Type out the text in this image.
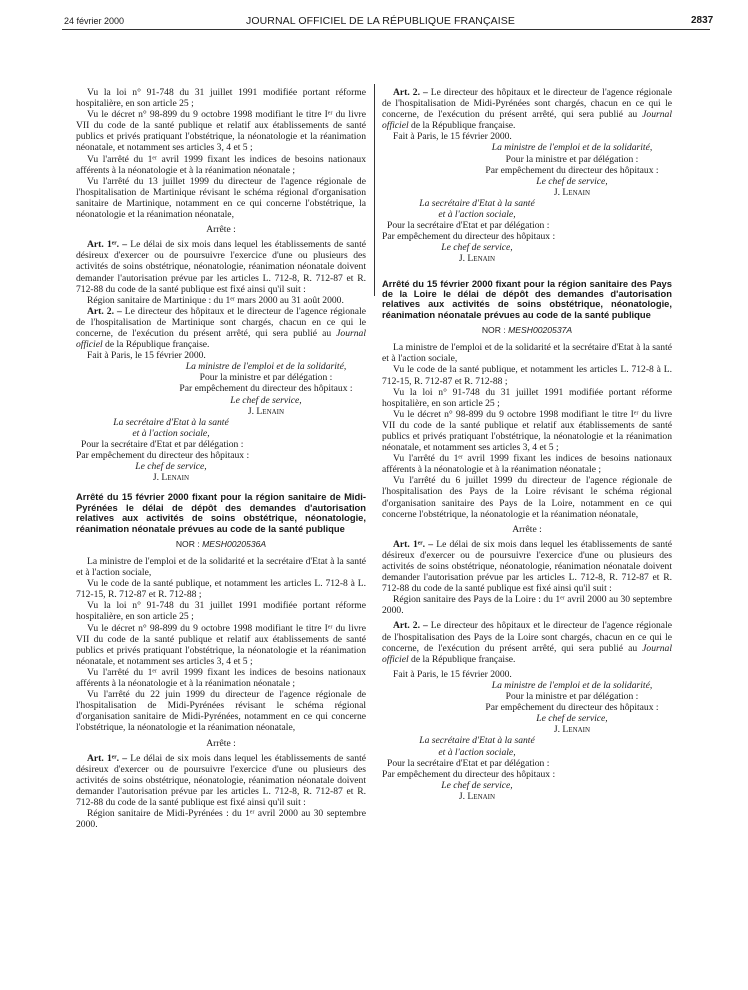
24 février 2000	JOURNAL OFFICIEL DE LA RÉPUBLIQUE FRANÇAISE	2837

Vu la loi n° 91-748 du 31 juillet 1991 modifiée portant réforme hospitalière, en son article 25 ;

Vu le décret n° 98-899 du 9 octobre 1998 modifiant le titre Iᵉʳ du livre VII du code de la santé publique et relatif aux établissements de santé publics et privés pratiquant l'obstétrique, la néonatologie et la réanimation néonatale, et notamment ses articles 3, 4 et 5 ;

Vu l'arrêté du 1ᵉʳ avril 1999 fixant les indices de besoins nationaux afférents à la néonatologie et à la réanimation néonatale ;

Vu l'arrêté du 13 juillet 1999 du directeur de l'agence régionale de l'hospitalisation de Martinique révisant le schéma régional d'organisation sanitaire de Martinique, notamment en ce qui concerne l'obstétrique, la néonatologie et la réanimation néonatale,

Arrête :

Art. 1ᵉʳ. – Le délai de six mois dans lequel les établissements de santé désireux d'exercer ou de poursuivre l'exercice d'une ou plusieurs des activités de soins obstétrique, néonatologie, réanimation néonatale doivent demander l'autorisation prévue par les articles L. 712-8, R. 712-87 et R. 712-88 du code de la santé publique est fixé ainsi qu'il suit :

Région sanitaire de Martinique : du 1ᵉʳ mars 2000 au 31 août 2000.

Art. 2. – Le directeur des hôpitaux et le directeur de l'agence régionale de l'hospitalisation de Martinique sont chargés, chacun en ce qui le concerne, de l'exécution du présent arrêté, qui sera publié au Journal officiel de la République française.

Fait à Paris, le 15 février 2000.

La ministre de l'emploi et de la solidarité,

Pour la ministre et par délégation :

Par empêchement du directeur des hôpitaux :

Le chef de service,

J. Lenain

La secrétaire d'Etat à la santé

et à l'action sociale,

Pour la secrétaire d'Etat et par délégation :

Par empêchement du directeur des hôpitaux :

Le chef de service,

J. Lenain

Arrêté du 15 février 2000 fixant pour la région sanitaire de Midi-Pyrénées le délai de dépôt des demandes d'autorisation relatives aux activités de soins obstétrique, néonatologie, réanimation néonatale prévues au code de la santé publique

NOR : MESH0020536A

La ministre de l'emploi et de la solidarité et la secrétaire d'Etat à la santé et à l'action sociale,

Vu le code de la santé publique, et notamment les articles L. 712-8 à L. 712-15, R. 712-87 et R. 712-88 ;

Vu la loi n° 91-748 du 31 juillet 1991 modifiée portant réforme hospitalière, en son article 25 ;

Vu le décret n° 98-899 du 9 octobre 1998 modifiant le titre Iᵉʳ du livre VII du code de la santé publique et relatif aux établissements de santé publics et privés pratiquant l'obstétrique, la néonatologie et la réanimation néonatale, et notamment ses articles 3, 4 et 5 ;

Vu l'arrêté du 1ᵉʳ avril 1999 fixant les indices de besoins nationaux afférents à la néonatologie et à la réanimation néonatale ;

Vu l'arrêté du 22 juin 1999 du directeur de l'agence régionale de l'hospitalisation de Midi-Pyrénées révisant le schéma régional d'organisation sanitaire de Midi-Pyrénées, notamment en ce qui concerne l'obstétrique, la néonatologie et la réanimation néonatale,

Arrête :

Art. 1ᵉʳ. – Le délai de six mois dans lequel les établissements de santé désireux d'exercer ou de poursuivre l'exercice d'une ou plusieurs des activités de soins obstétrique, néonatologie, réanimation néonatale doivent demander l'autorisation prévue par les articles L. 712-8, R. 712-87 et R. 712-88 du code de la santé publique est fixé ainsi qu'il suit :

Région sanitaire de Midi-Pyrénées : du 1ᵉʳ avril 2000 au 30 septembre 2000.

Art. 2. – Le directeur des hôpitaux et le directeur de l'agence régionale de l'hospitalisation de Midi-Pyrénées sont chargés, chacun en ce qui le concerne, de l'exécution du présent arrêté, qui sera publié au Journal officiel de la République française.

Fait à Paris, le 15 février 2000.

La ministre de l'emploi et de la solidarité,

Pour la ministre et par délégation :

Par empêchement du directeur des hôpitaux :

Le chef de service,

J. Lenain

La secrétaire d'Etat à la santé

et à l'action sociale,

Pour la secrétaire d'Etat et par délégation :

Par empêchement du directeur des hôpitaux :

Le chef de service,

J. Lenain

Arrêté du 15 février 2000 fixant pour la région sanitaire des Pays de la Loire le délai de dépôt des demandes d'autorisation relatives aux activités de soins obstétrique, néonatologie, réanimation néonatale prévues au code de la santé publique

NOR : MESH0020537A

La ministre de l'emploi et de la solidarité et la secrétaire d'Etat à la santé et à l'action sociale,

Vu le code de la santé publique, et notamment les articles L. 712-8 à L. 712-15, R. 712-87 et R. 712-88 ;

Vu la loi n° 91-748 du 31 juillet 1991 modifiée portant réforme hospitalière, en son article 25 ;

Vu le décret n° 98-899 du 9 octobre 1998 modifiant le titre Iᵉʳ du livre VII du code de la santé publique et relatif aux établissements de santé publics et privés pratiquant l'obstétrique, la néonatologie et la réanimation néonatale, et notamment ses articles 3, 4 et 5 ;

Vu l'arrêté du 1ᵉʳ avril 1999 fixant les indices de besoins nationaux afférents à la néonatologie et à la réanimation néonatale ;

Vu l'arrêté du 6 juillet 1999 du directeur de l'agence régionale de l'hospitalisation des Pays de la Loire révisant le schéma régional d'organisation sanitaire des Pays de la Loire, notamment en ce qui concerne l'obstétrique, la néonatologie et la réanimation néonatale,

Arrête :

Art. 1ᵉʳ. – Le délai de six mois dans lequel les établissements de santé désireux d'exercer ou de poursuivre l'exercice d'une ou plusieurs des activités de soins obstétrique, néonatologie, réanimation néonatale doivent demander l'autorisation prévue par les articles L. 712-8, R. 712-87 et R. 712-88 du code de la santé publique est fixé ainsi qu'il suit :

Région sanitaire des Pays de la Loire : du 1ᵉʳ avril 2000 au 30 septembre 2000.

Art. 2. – Le directeur des hôpitaux et le directeur de l'agence régionale de l'hospitalisation des Pays de la Loire sont chargés, chacun en ce qui le concerne, de l'exécution du présent arrêté, qui sera publié au Journal officiel de la République française.

Fait à Paris, le 15 février 2000.

La ministre de l'emploi et de la solidarité,

Pour la ministre et par délégation :

Par empêchement du directeur des hôpitaux :

Le chef de service,

J. Lenain

La secrétaire d'Etat à la santé

et à l'action sociale,

Pour la secrétaire d'Etat et par délégation :

Par empêchement du directeur des hôpitaux :

Le chef de service,

J. Lenain
